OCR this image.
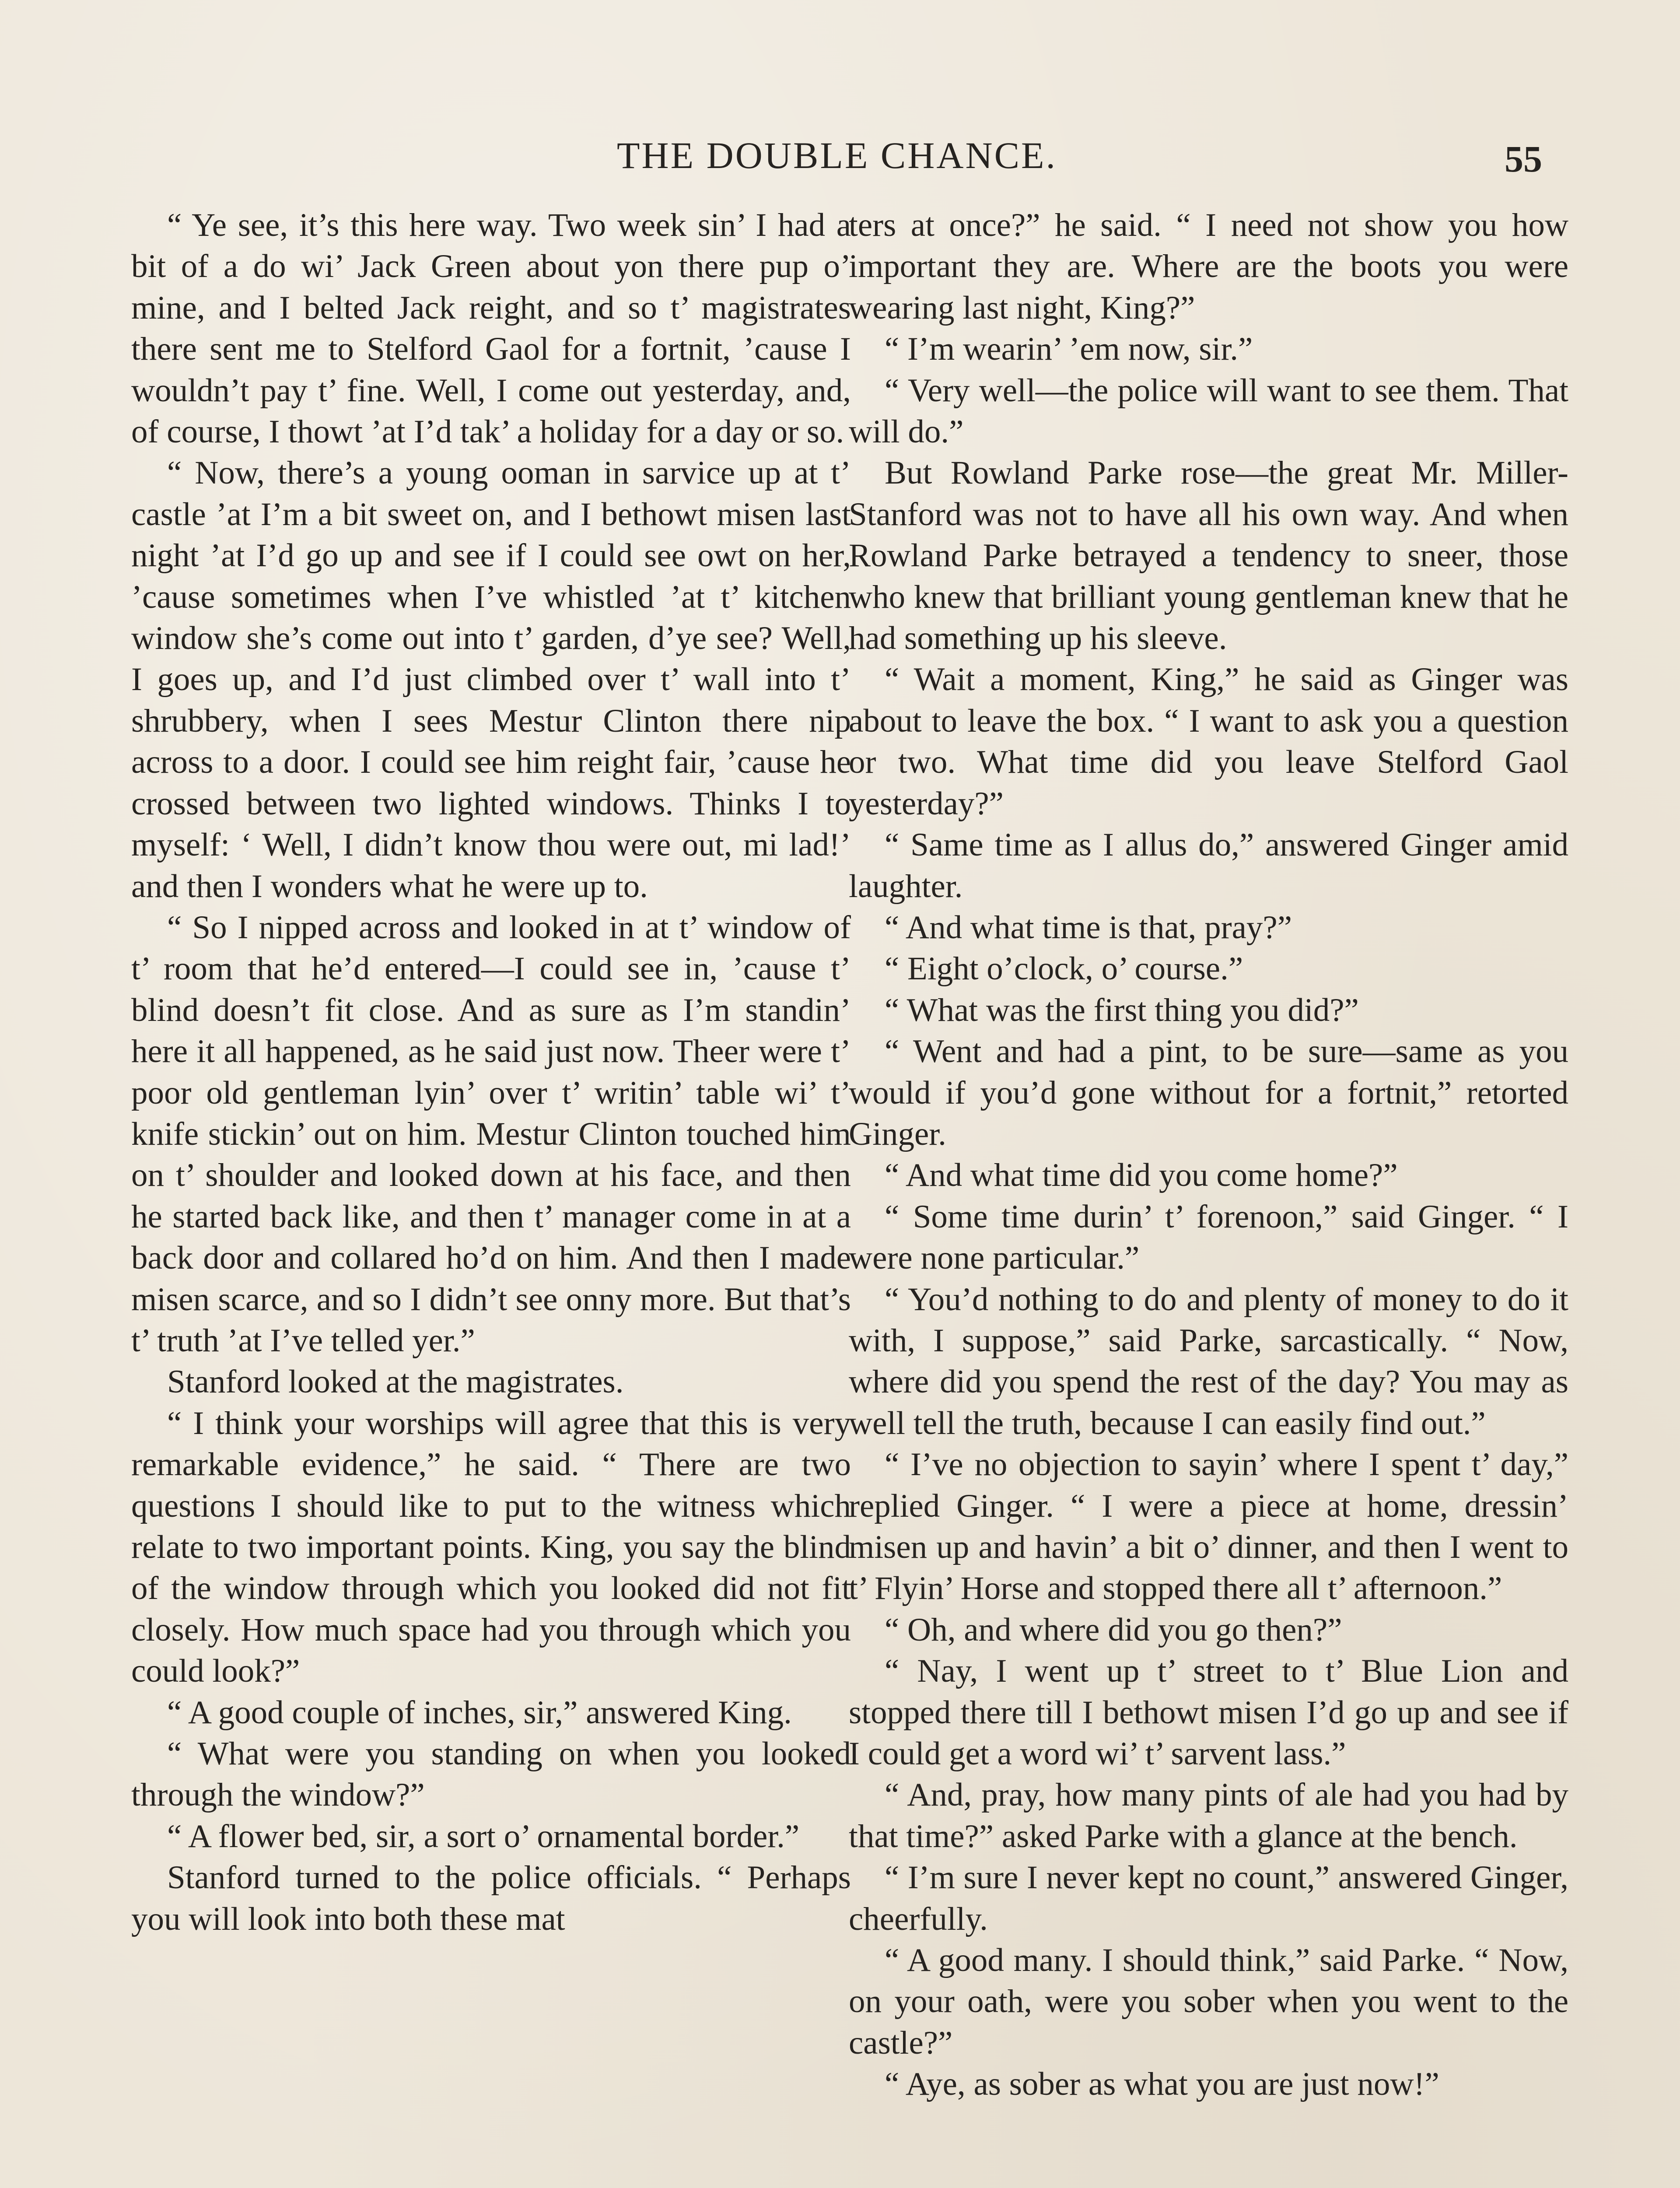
THE DOUBLE CHANCE.	55

“ Ye see, it’s this here way. Two week sin’ I had a bit of a do wi’ Jack Green about yon there pup o’ mine, and I belted Jack reight, and so t’ magistrates there sent me to Stelford Gaol for a fortnit, ’cause I wouldn’t pay t’ fine. Well, I come out yesterday, and, of course, I thowt ’at I’d tak’ a holiday for a day or so.

“ Now, there’s a young ooman in sarvice up at t’ castle ’at I’m a bit sweet on, and I bethowt misen last night ’at I’d go up and see if I could see owt on her, ’cause sometimes when I’ve whistled ’at t’ kitchen window she’s come out into t’ garden, d’ye see? Well, I goes up, and I’d just climbed over t’ wall into t’ shrubbery, when I sees Mestur Clinton there nip across to a door. I could see him reight fair, ’cause he crossed between two lighted windows. Thinks I to myself: ‘ Well, I didn’t know thou were out, mi lad!’ and then I wonders what he were up to.

“ So I nipped across and looked in at t’ window of t’ room that he’d entered—I could see in, ’cause t’ blind doesn’t fit close. And as sure as I’m standin’ here it all happened, as he said just now. Theer were t’ poor old gentleman lyin’ over t’ writin’ table wi’ t’ knife stickin’ out on him. Mestur Clinton touched him on t’ shoulder and looked down at his face, and then he started back like, and then t’ manager come in at a back door and collared ho’d on him. And then I made misen scarce, and so I didn’t see onny more. But that’s t’ truth ’at I’ve telled yer.”

Stanford looked at the magistrates.

“ I think your worships will agree that this is very remarkable evidence,” he said. “ There are two questions I should like to put to the witness which relate to two important points. King, you say the blind of the window through which you looked did not fit closely. How much space had you through which you could look?”

“ A good couple of inches, sir,” answered King.

“ What were you standing on when you looked through the window?”

“ A flower bed, sir, a sort o’ ornamental border.”

Stanford turned to the police officials. “ Perhaps you will look into both these mat

ters at once?” he said. “ I need not show you how important they are. Where are the boots you were wearing last night, King?”

“ I’m wearin’ ’em now, sir.”

“ Very well—the police will want to see them. That will do.”

But Rowland Parke rose—the great Mr. Miller-Stanford was not to have all his own way. And when Rowland Parke betrayed a tendency to sneer, those who knew that brilliant young gentleman knew that he had something up his sleeve.

“ Wait a moment, King,” he said as Ginger was about to leave the box. “ I want to ask you a question or two. What time did you leave Stelford Gaol yesterday?”

“ Same time as I allus do,” answered Ginger amid laughter.

“ And what time is that, pray?”

“ Eight o’clock, o’ course.”

“ What was the first thing you did?”

“ Went and had a pint, to be sure—same as you would if you’d gone without for a fortnit,” retorted Ginger.

“ And what time did you come home?”

“ Some time durin’ t’ forenoon,” said Ginger. “ I were none particular.”

“ You’d nothing to do and plenty of money to do it with, I suppose,” said Parke, sarcastically. “ Now, where did you spend the rest of the day? You may as well tell the truth, because I can easily find out.”

“ I’ve no objection to sayin’ where I spent t’ day,” replied Ginger. “ I were a piece at home, dressin’ misen up and havin’ a bit o’ dinner, and then I went to t’ Flyin’ Horse and stopped there all t’ afternoon.”

“ Oh, and where did you go then?”

“ Nay, I went up t’ street to t’ Blue Lion and stopped there till I bethowt misen I’d go up and see if I could get a word wi’ t’ sarvent lass.”

“ And, pray, how many pints of ale had you had by that time?” asked Parke with a glance at the bench.

“ I’m sure I never kept no count,” answered Ginger, cheerfully.

“ A good many. I should think,” said Parke. “ Now, on your oath, were you sober when you went to the castle?”

“ Aye, as sober as what you are just now!”
